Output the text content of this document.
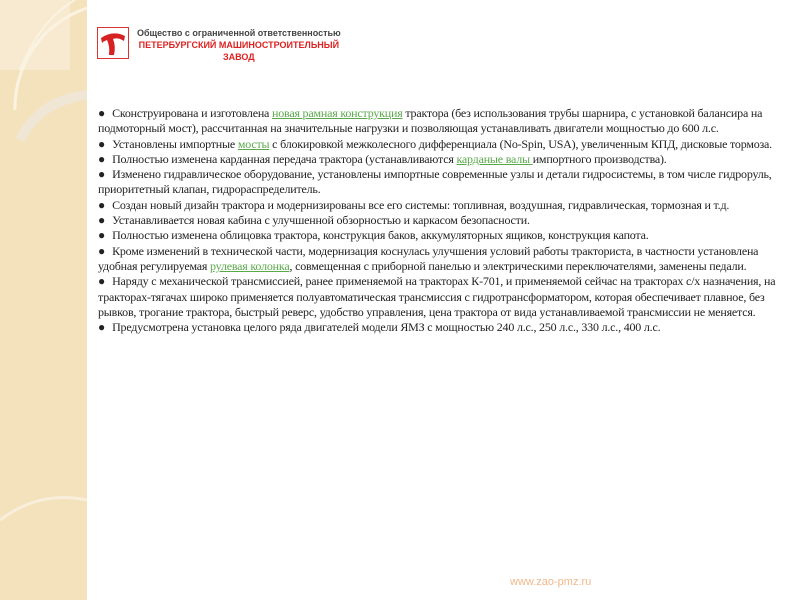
Общество с ограниченной ответственностью
ПЕТЕРБУРГСКИЙ МАШИНОСТРОИТЕЛЬНЫЙ
ЗАВОД

● Сконструирована и изготовлена новая рамная конструкция трактора (без использования трубы шарнира, с установкой балансира на подмоторный мост), рассчитанная на значительные нагрузки и позволяющая устанавливать двигатели мощностью до 600 л.с.

● Установлены импортные мосты с блокировкой межколесного дифференциала (No-Spin, USA), увеличенным КПД, дисковые тормоза.

● Полностью изменена карданная передача трактора (устанавливаются карданые валы импортного производства).

● Изменено гидравлическое оборудование, установлены импортные современные узлы и детали гидросистемы, в том числе гидроруль, приоритетный клапан, гидрораспределитель.

● Создан новый дизайн трактора и модернизированы все его системы: топливная, воздушная, гидравлическая, тормозная и т.д.

● Устанавливается новая кабина с улучшенной обзорностью и каркасом безопасности.

● Полностью изменена облицовка трактора, конструкция баков, аккумуляторных ящиков, конструкция капота.

● Кроме изменений в технической части, модернизация коснулась улучшения условий работы тракториста, в частности установлена удобная регулируемая рулевая колонка, совмещенная с приборной панелью и электрическими переключателями, заменены педали.

● Наряду с механической трансмиссией, ранее применяемой на тракторах К-701, и применяемой сейчас на тракторах с/х назначения, на тракторах-тягачах широко применяется полуавтоматическая трансмиссия с гидротрансформатором, которая обеспечивает плавное, без рывков, трогание трактора, быстрый реверс, удобство управления, цена трактора от вида устанавливаемой трансмиссии не меняется.

● Предусмотрена установка целого ряда двигателей модели ЯМЗ с мощностью 240 л.с., 250 л.с., 330 л.с., 400 л.с.

www.zao-pmz.ru
